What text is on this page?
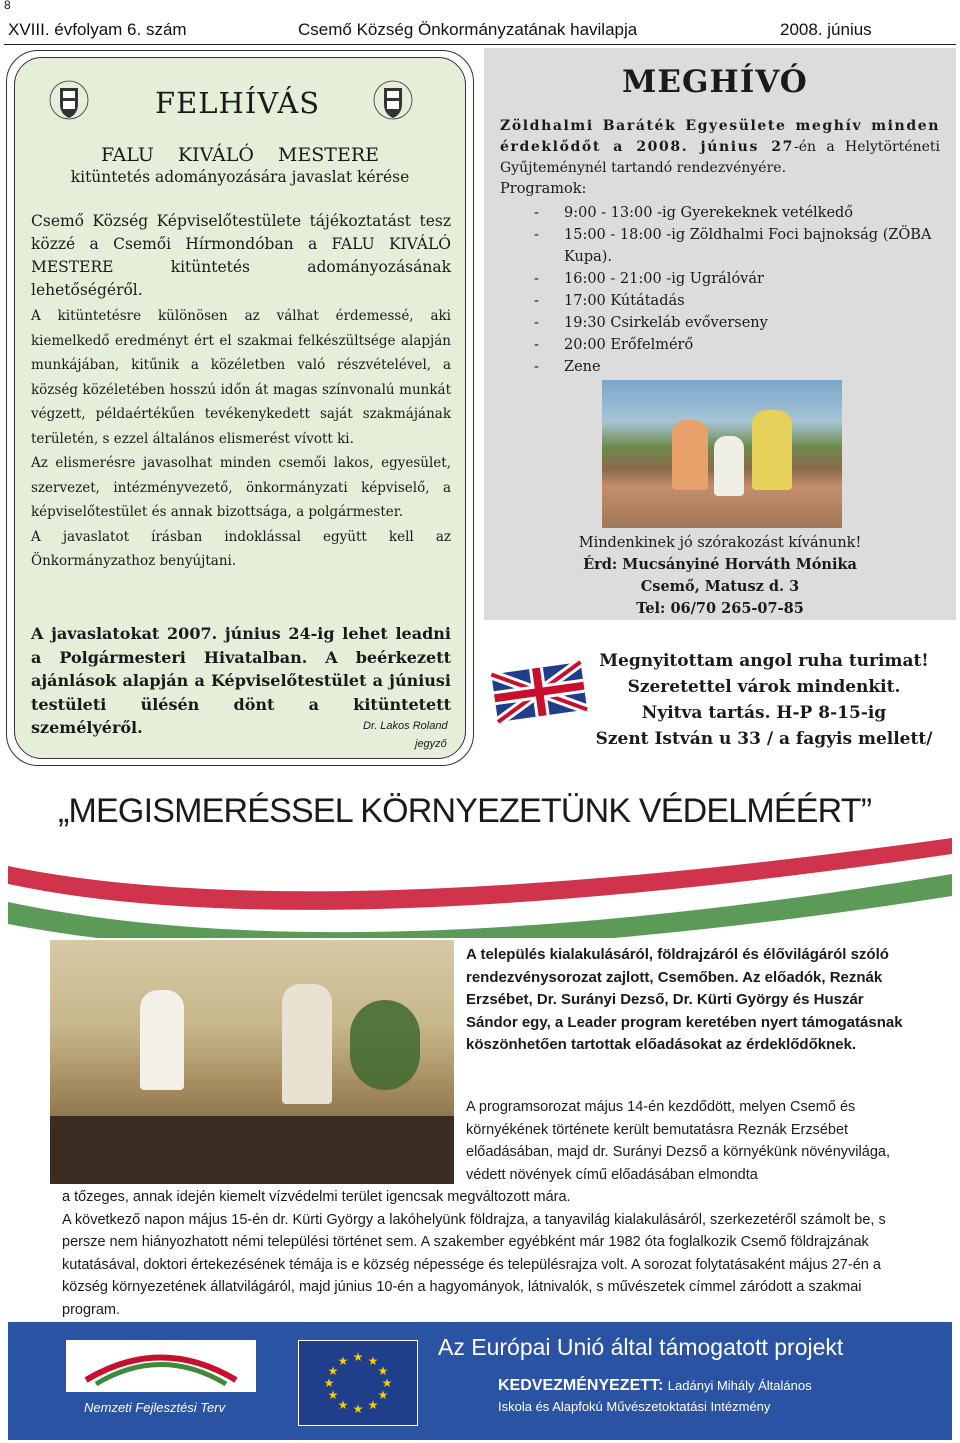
8
XVIII. évfolyam 6. szám	Csemő Község Önkormányzatának havilapja	2008. június
FELHÍVÁS
FALU KIVÁLÓ MESTERE
kitüntetés adományozására javaslat kérése
Csemő Község Képviselőtestülete tájékoztatást tesz közzé a Csemői Hírmondóban a FALU KIVÁLÓ MESTERE kitüntetés adományozásának lehetőségéről.

A kitüntetésre különösen az válhat érdemessé, aki kiemelkedő eredményt ért el szakmai felkészültsége alapján munkájában, kitűnik a közéletben való részvételével, a község közéletében hosszú időn át magas színvonalú munkát végzett, példaértékűen tevékenykedett saját szakmájának területén, s ezzel általános elismerést vívott ki.

Az elismerésre javasolhat minden csemői lakos, egyesület, szervezet, intézményvezető, önkormányzati képviselő, a képviselőtestület és annak bizottsága, a polgármester.

A javaslatot írásban indoklással együtt kell az Önkormányzathoz benyújtani.

A javaslatokat 2007. június 24-ig lehet leadni a Polgármesteri Hivatalban. A beérkezett ajánlások alapján a Képviselőtestület a júniusi testületi ülésén dönt a kitüntetett személyéről.	Dr. Lakos Roland
jegyző
MEGHÍVÓ
Zöldhalmi Baráték Egyesülete meghív minden érdeklődőt a 2008. június 27-én a Helytörténeti Gyűjteménynél tartandó rendezvényére.
Programok:
- 9:00 - 13:00 -ig Gyerekeknek vetélkedő
- 15:00 - 18:00 -ig Zöldhalmi Foci bajnokság (ZÖBA Kupa).
- 16:00 - 21:00 -ig Ugrálóvár
- 17:00 Kútátadás
- 19:30 Csirkeláb evőverseny
- 20:00 Erőfelmérő
- Zene
Mindenkinek jó szórakozást kívánunk!
Érd: Mucsányiné Horváth Mónika
Csemő, Matusz d. 3
Tel: 06/70 265-07-85
Megnyitottam angol ruha turimat!
Szeretettel várok mindenkit.
Nyitva tartás. H-P 8-15-ig
Szent István u 33 / a fagyis mellett/
„MEGISMERÉSSEL KÖRNYEZETÜNK VÉDELMÉÉRT”
A település kialakulásáról, földrajzáról és élővilágáról szóló rendezvénysorozat zajlott, Csemőben. Az előadók, Reznák Erzsébet, Dr. Surányi Dezső, Dr. Kürti György és Huszár Sándor egy, a Leader program keretében nyert támogatásnak köszönhetően tartottak előadásokat az érdeklődőknek.
A programsorozat május 14-én kezdődött, melyen Csemő és környékének története került bemutatásra Reznák Erzsébet előadásában, majd dr. Surányi Dezső a környékünk növényvilága, védett növények című előadásában elmondta

a tőzeges, annak idején kiemelt vízvédelmi terület igencsak megváltozott mára.

A következő napon május 15-én dr. Kürti György a lakóhelyünk földrajza, a tanyavilág kialakulásáról, szerkezetéről számolt be, s persze nem hiányozhatott némi települési történet sem. A szakember egyébként már 1982 óta foglalkozik Csemő földrajzának kutatásával, doktori értekezésének témája is e község népessége és településrajza volt. A sorozat folytatásaként május 27-én a község környezetének állatvilágáról, majd június 10-én a hagyományok, látnivalók, s művészetek címmel záródott a szakmai program.

Nemzeti Fejlesztési Terv
★ ★
★
★
★
★
★
★
★
★
★
★
Az Európai Unió által támogatott projekt
KEDVEZMÉNYEZETT: Ladányi Mihály Általános
Iskola és Alapfokú Művészetoktatási Intézmény
